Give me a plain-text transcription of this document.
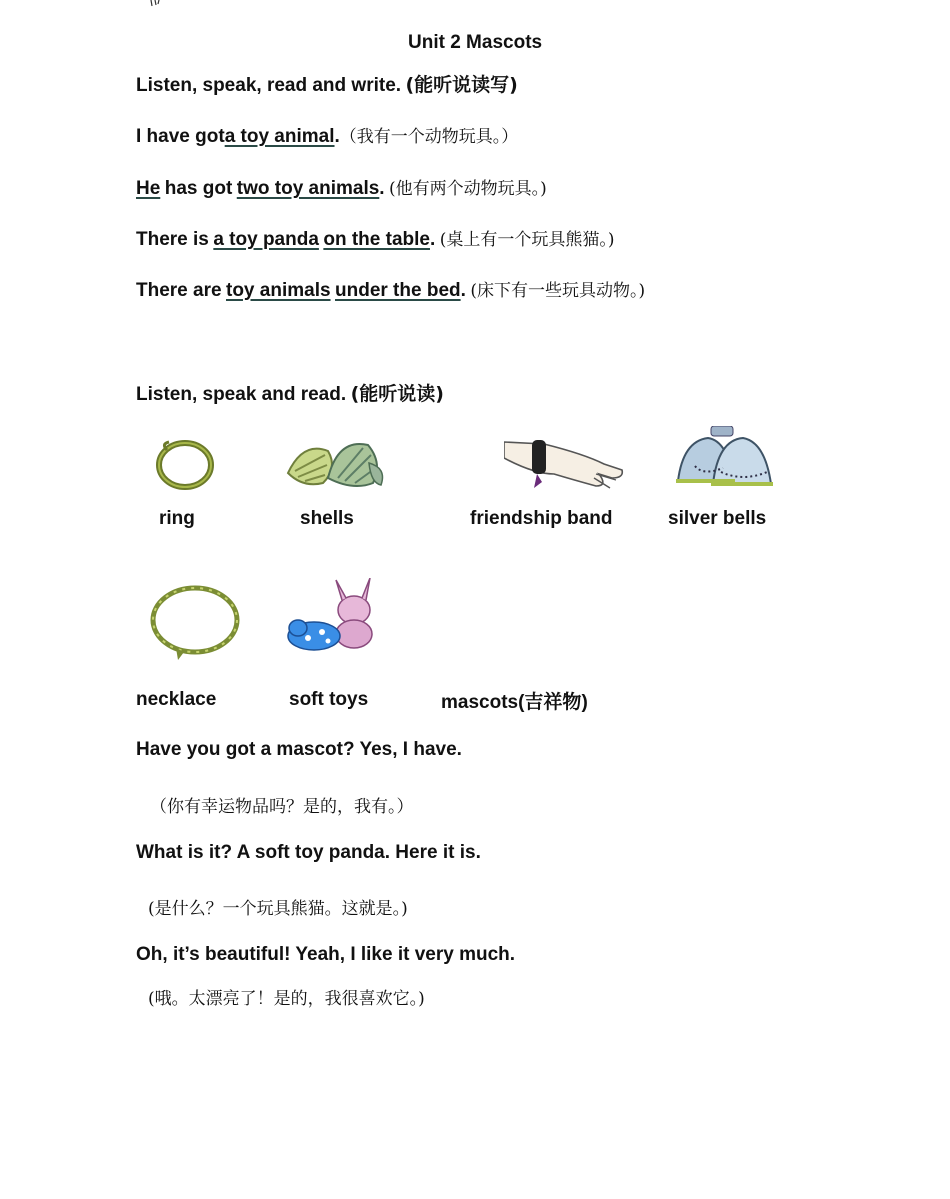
Unit 2 Mascots
Listen, speak, read and write. (能听说读写)
I have gota toy animal.（我有一个动物玩具。）
He has got two toy animals. (他有两个动物玩具。)
There is a toy panda on the table. (桌上有一个玩具熊猫。)
There are toy animals under the bed. (床下有一些玩具动物。)
Listen, speak and read. (能听说读)
ring	shells	friendship band	silver bells
necklace	soft toys	mascots(吉祥物)
Have you got a mascot? Yes, I have.
（你有幸运物品吗？是的，我有。）
What is it? A soft toy panda. Here it is.
(是什么？一个玩具熊猫。这就是。)
Oh, it’s beautiful! Yeah, I like it very much.
(哦。太漂亮了！是的，我很喜欢它。)
